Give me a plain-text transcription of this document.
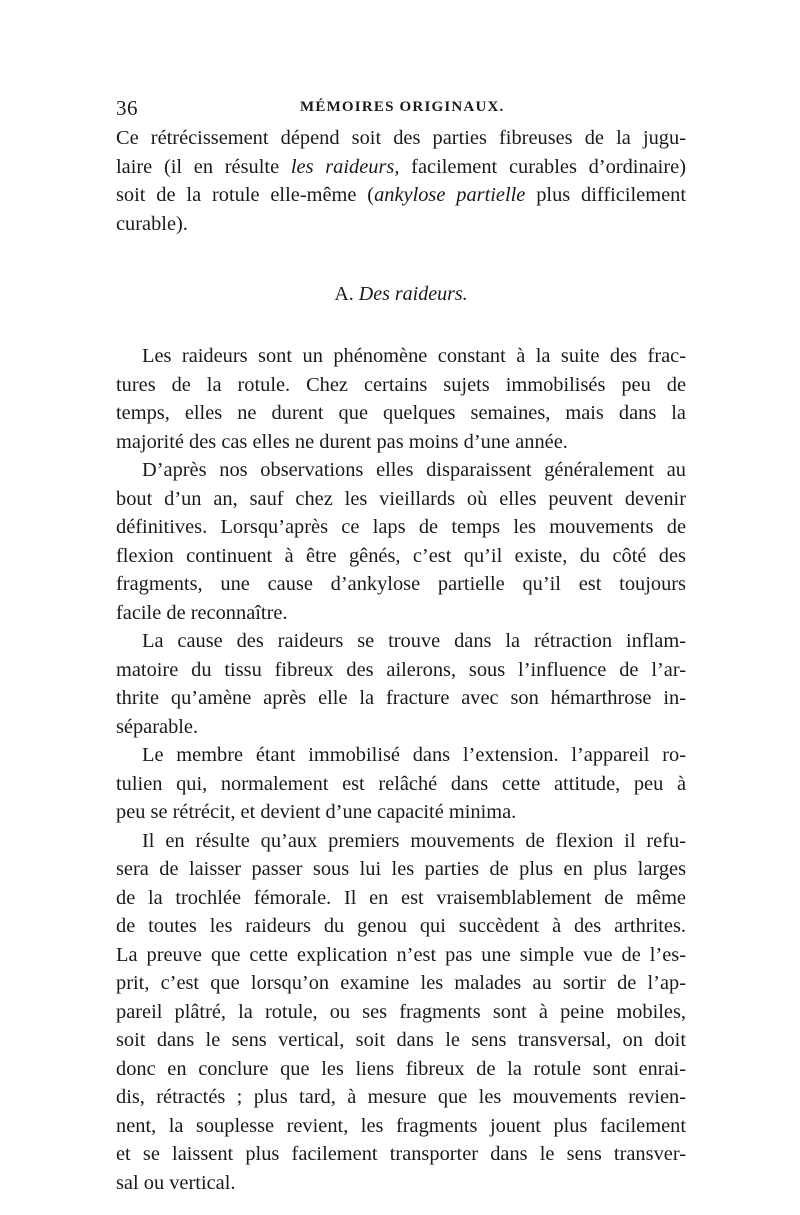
36	MÉMOIRES ORIGINAUX.
Ce rétrécissement dépend soit des parties fibreuses de la jugu-
laire (il en résulte les raideurs, facilement curables d’ordinaire)
soit de la rotule elle-même (ankylose partielle plus difficilement
curable).
A. Des raideurs.
Les raideurs sont un phénomène constant à la suite des frac-
tures de la rotule. Chez certains sujets immobilisés peu de
temps, elles ne durent que quelques semaines, mais dans la
majorité des cas elles ne durent pas moins d’une année.
D’après nos observations elles disparaissent généralement au
bout d’un an, sauf chez les vieillards où elles peuvent devenir
définitives. Lorsqu’après ce laps de temps les mouvements de
flexion continuent à être gênés, c’est qu’il existe, du côté des
fragments, une cause d’ankylose partielle qu’il est toujours
facile de reconnaître.
La cause des raideurs se trouve dans la rétraction inflam-
matoire du tissu fibreux des ailerons, sous l’influence de l’ar-
thrite qu’amène après elle la fracture avec son hémarthrose in-
séparable.
Le membre étant immobilisé dans l’extension. l’appareil ro-
tulien qui, normalement est relâché dans cette attitude, peu à
peu se rétrécit, et devient d’une capacité minima.
Il en résulte qu’aux premiers mouvements de flexion il refu-
sera de laisser passer sous lui les parties de plus en plus larges
de la trochlée fémorale. Il en est vraisemblablement de même
de toutes les raideurs du genou qui succèdent à des arthrites.
La preuve que cette explication n’est pas une simple vue de l’es-
prit, c’est que lorsqu’on examine les malades au sortir de l’ap-
pareil plâtré, la rotule, ou ses fragments sont à peine mobiles,
soit dans le sens vertical, soit dans le sens transversal, on doit
donc en conclure que les liens fibreux de la rotule sont enrai-
dis, rétractés ; plus tard, à mesure que les mouvements revien-
nent, la souplesse revient, les fragments jouent plus facilement
et se laissent plus facilement transporter dans le sens transver-
sal ou vertical.
